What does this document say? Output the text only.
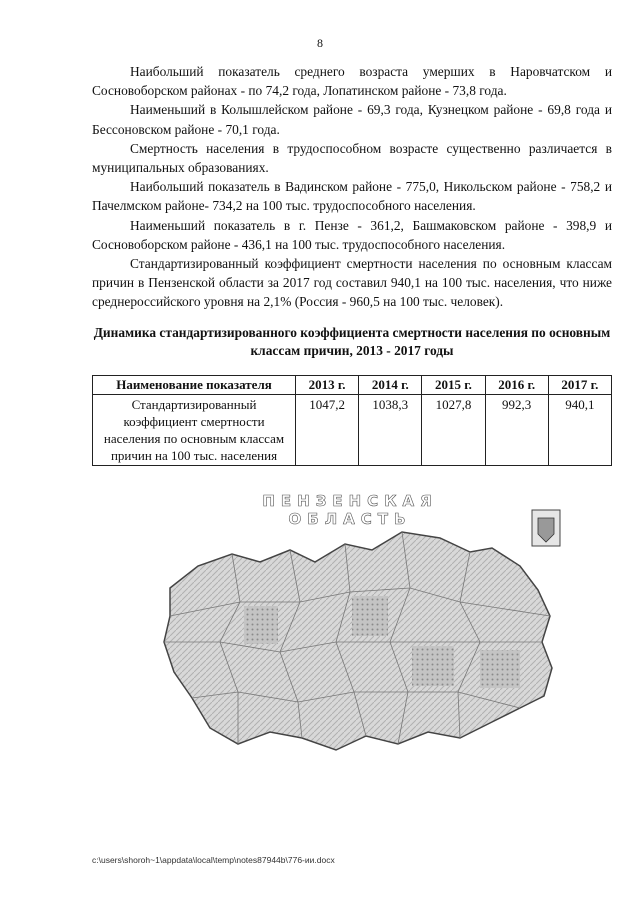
8

Наибольший показатель среднего возраста умерших в Наровчатском и Сосновоборском районах - по 74,2 года, Лопатинском районе - 73,8 года.

Наименьший в Колышлейском районе - 69,3 года, Кузнецком районе - 69,8 года и Бессоновском районе - 70,1 года.

Смертность населения в трудоспособном возрасте существенно различается в муниципальных образованиях.

Наибольший показатель в Вадинском районе - 775,0, Никольском районе - 758,2 и Пачелмском районе- 734,2 на 100 тыс. трудоспособного населения.

Наименьший показатель в г. Пензе - 361,2, Башмаковском районе - 398,9 и Сосновоборском районе - 436,1 на 100 тыс. трудоспособного населения.

Стандартизированный коэффициент смертности населения по основным классам причин в Пензенской области за 2017 год составил 940,1 на 100 тыс. населения, что ниже среднероссийского уровня на 2,1% (Россия - 960,5 на 100 тыс. человек).

Динамика стандартизированного коэффициента смертности населения по основным классам причин, 2013 - 2017 годы
Наименование показателя	2013 г.	2014 г.	2015 г.	2016 г.	2017 г.
Стандартизированный коэффициент смертности населения по основным классам причин на 100 тыс. населения	1047,2	1038,3	1027,8	992,3	940,1
ПЕНЗЕНСКАЯ ОБЛАСТЬ
c:\users\shoroh~1\appdata\local\temp\notes87944b\776-ии.docx
